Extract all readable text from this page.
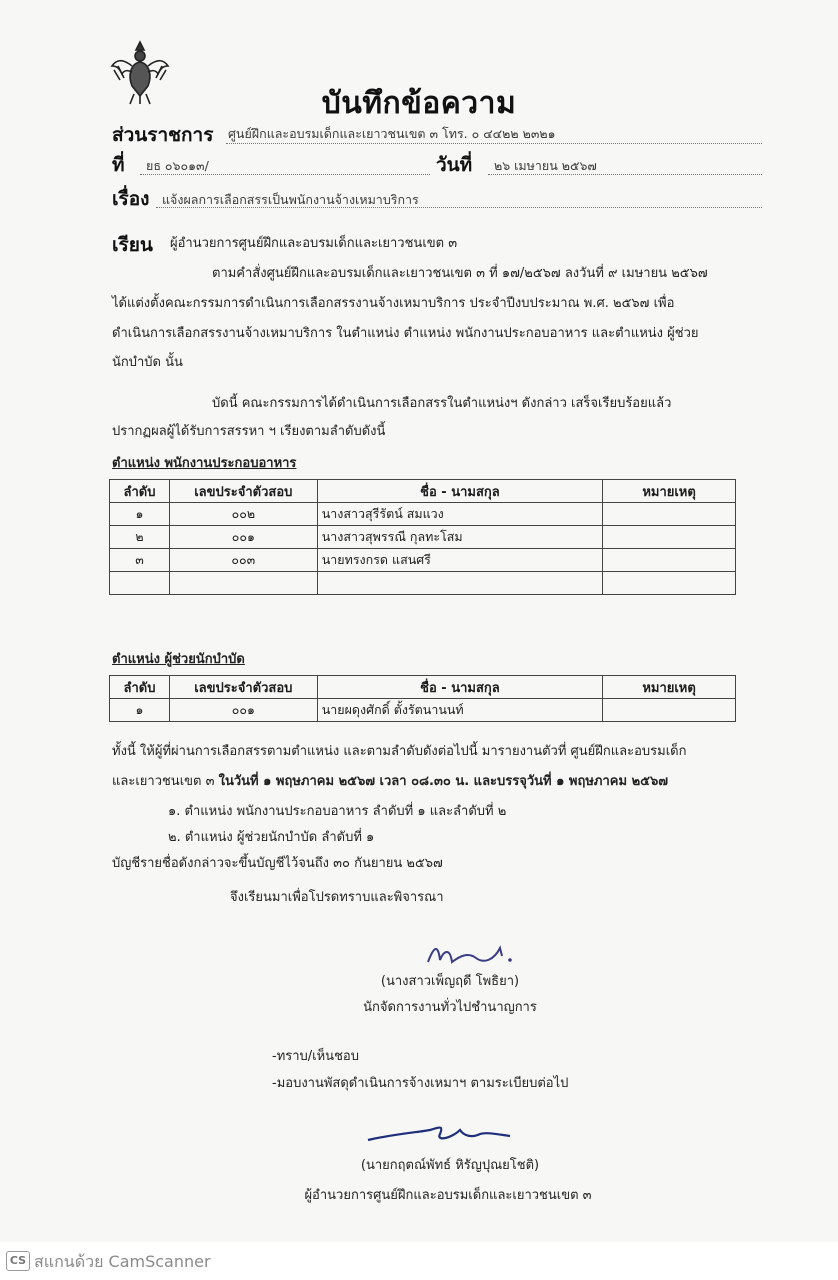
บันทึกข้อความ
ส่วนราชการ ศูนย์ฝึกและอบรมเด็กและเยาวชนเขต ๓ โทร. ๐ ๔๔๒๒ ๒๓๒๑
ที่ ยธ ๐๖๐๑๓/	วันที่ ๒๖ เมษายน ๒๕๖๗
เรื่อง แจ้งผลการเลือกสรรเป็นพนักงานจ้างเหมาบริการ
เรียน ผู้อำนวยการศูนย์ฝึกและอบรมเด็กและเยาวชนเขต ๓
ตามคำสั่งศูนย์ฝึกและอบรมเด็กและเยาวชนเขต ๓ ที่ ๑๗/๒๕๖๗ ลงวันที่ ๙ เมษายน ๒๕๖๗
ได้แต่งตั้งคณะกรรมการดำเนินการเลือกสรรงานจ้างเหมาบริการ ประจำปีงบประมาณ พ.ศ. ๒๕๖๗ เพื่อ
ดำเนินการเลือกสรรงานจ้างเหมาบริการ ในตำแหน่ง ตำแหน่ง พนักงานประกอบอาหาร และตำแหน่ง ผู้ช่วย
นักบำบัด นั้น
บัดนี้ คณะกรรมการได้ดำเนินการเลือกสรรในตำแหน่งฯ ดังกล่าว เสร็จเรียบร้อยแล้ว
ปรากฏผลผู้ได้รับการสรรหา ฯ เรียงตามลำดับดังนี้
ตำแหน่ง พนักงานประกอบอาหาร
ลำดับ	เลขประจำตัวสอบ	ชื่อ - นามสกุล	หมายเหตุ
๑	๐๐๒	นางสาวสุรีรัตน์ สมแวง	
๒	๐๐๑	นางสาวสุพรรณี กุลทะโสม	
๓	๐๐๓	นายทรงกรด แสนศรี	

ตำแหน่ง ผู้ช่วยนักบำบัด
ลำดับ	เลขประจำตัวสอบ	ชื่อ - นามสกุล	หมายเหตุ
๑	๐๐๑	นายผดุงศักดิ์ ตั้งรัตนานนท์	
ทั้งนี้ ให้ผู้ที่ผ่านการเลือกสรรตามตำแหน่ง และตามลำดับดังต่อไปนี้ มารายงานตัวที่ ศูนย์ฝึกและอบรมเด็ก
และเยาวชนเขต ๓ ในวันที่ ๑ พฤษภาคม ๒๕๖๗ เวลา ๐๘.๓๐ น. และบรรจุวันที่ ๑ พฤษภาคม ๒๕๖๗
๑. ตำแหน่ง พนักงานประกอบอาหาร ลำดับที่ ๑ และลำดับที่ ๒
๒. ตำแหน่ง ผู้ช่วยนักบำบัด ลำดับที่ ๑
บัญชีรายชื่อดังกล่าวจะขึ้นบัญชีไว้จนถึง ๓๐ กันยายน ๒๕๖๗
จึงเรียนมาเพื่อโปรดทราบและพิจารณา
(นางสาวเพ็ญฤดี โพธิยา)
นักจัดการงานทั่วไปชำนาญการ
-ทราบ/เห็นชอบ
-มอบงานพัสดุดำเนินการจ้างเหมาฯ ตามระเบียบต่อไป
(นายกฤตณ์พัทธ์ หิรัญปุณยโชติ)
ผู้อำนวยการศูนย์ฝึกและอบรมเด็กและเยาวชนเขต ๓
CS สแกนด้วย CamScanner
